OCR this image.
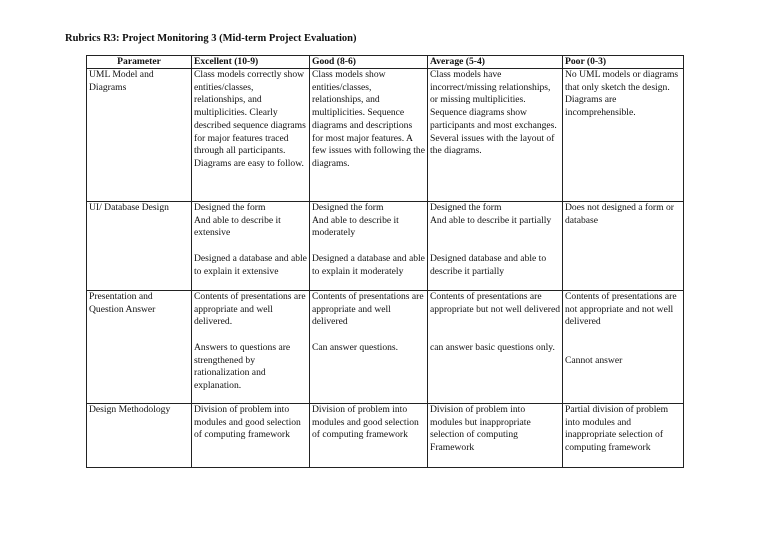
Rubrics R3: Project Monitoring 3 (Mid-term Project Evaluation)
Parameter	Excellent (10-9)	Good (8-6)	Average (5-4)	Poor (0-3)
UML Model and
Diagrams	Class models correctly show entities/classes, relationships, and multiplicities. Clearly described sequence diagrams for major features traced through all participants. Diagrams are easy to follow.	Class models show entities/classes, relationships, and multiplicities. Sequence diagrams and descriptions for most major features. A few issues with following the diagrams.	Class models have incorrect/missing relationships, or missing multiplicities. Sequence diagrams show participants and most exchanges. Several issues with the layout of the diagrams.	No UML models or diagrams that only sketch the design. Diagrams are incomprehensible.
UI/ Database Design	Designed the form
And able to describe it extensive

Designed a database and able to explain it extensive	Designed the form
And able to describe it moderately

Designed a database and able to explain it moderately	Designed the form
And able to describe it partially

Designed database and able to describe it partially	Does not designed a form or database
Presentation and
Question Answer	Contents of presentations are appropriate and well delivered.

Answers to questions are strengthened by rationalization and explanation.	Contents of presentations are appropriate and well delivered

Can answer questions.	Contents of presentations are appropriate but not well delivered

can answer basic questions only.	Contents of presentations are not appropriate and not well delivered

Cannot answer
Design Methodology	Division of problem into modules and good selection of computing framework	Division of problem into modules and good selection of computing framework	Division of problem into modules but inappropriate selection of computing Framework	Partial division of problem into modules and inappropriate selection of computing framework
